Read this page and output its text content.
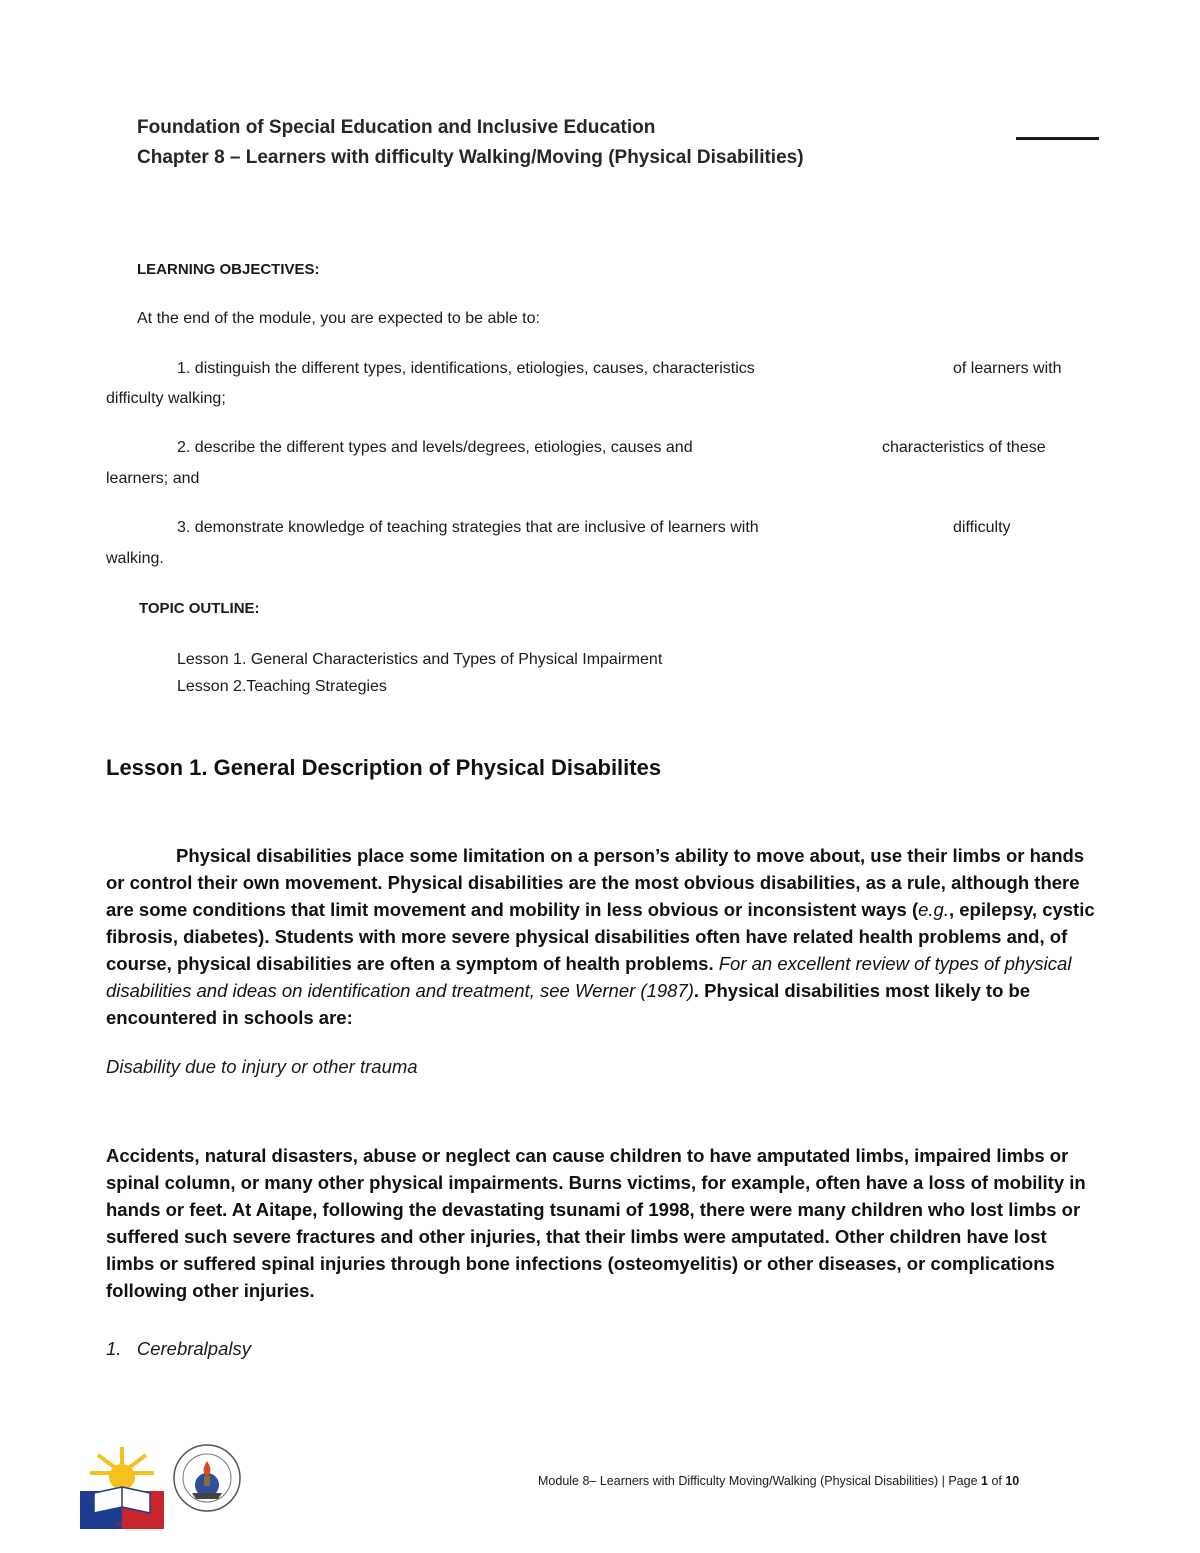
Foundation of Special Education and Inclusive Education
Chapter 8 – Learners with difficulty Walking/Moving (Physical Disabilities)
LEARNING OBJECTIVES:
At the end of the module, you are expected to be able to:
1. distinguish the different types, identifications, etiologies, causes, characteristics	of learners with
difficulty walking;
2. describe the different types and levels/degrees, etiologies, causes and	characteristics of these
learners; and
3. demonstrate knowledge of teaching strategies that are inclusive of learners with	difficulty
walking.
TOPIC OUTLINE:
Lesson 1. General Characteristics and Types of Physical Impairment
Lesson 2.Teaching Strategies
Lesson 1. General Description of Physical Disabilites

Physical disabilities place some limitation on a person’s ability to move about, use their limbs or hands or control their own movement. Physical disabilities are the most obvious disabilities, as a rule, although there are some conditions that limit movement and mobility in less obvious or inconsistent ways (e.g., epilepsy, cystic fibrosis, diabetes). Students with more severe physical disabilities often have related health problems and, of course, physical disabilities are often a symptom of health problems. For an excellent review of types of physical disabilities and ideas on identification and treatment, see Werner (1987). Physical disabilities most likely to be encountered in schools are:

Disability due to injury or other trauma

Accidents, natural disasters, abuse or neglect can cause children to have amputated limbs, impaired limbs or spinal column, or many other physical impairments. Burns victims, for example, often have a loss of mobility in hands or feet. At Aitape, following the devastating tsunami of 1998, there were many children who lost limbs or suffered such severe fractures and other injuries, that their limbs were amputated. Other children have lost limbs or suffered spinal injuries through bone infections (osteomyelitis) or other diseases, or complications following other injuries.

1.   Cerebralpalsy
1926
Module 8– Learners with Difficulty Moving/Walking (Physical Disabilities) | Page 1 of 10
